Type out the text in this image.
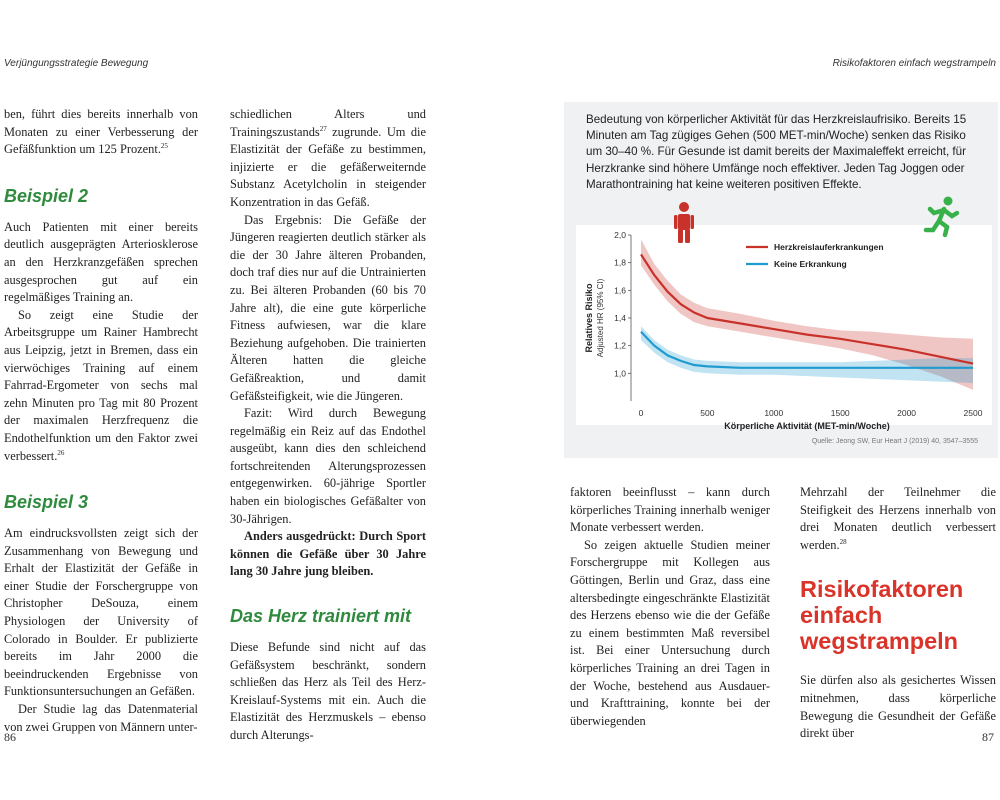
Verjüngungsstrategie Bewegung	Risikofaktoren einfach wegstrampeln

ben, führt dies bereits innerhalb von Monaten zu einer Verbesserung der Gefäßfunktion um 125 Prozent.$^{25}$

Beispiel 2

Auch Patienten mit einer bereits deutlich ausgeprägten Arteriosklerose an den Herzkranzgefäßen sprechen ausgesprochen gut auf ein regelmäßiges Training an.

So zeigt eine Studie der Arbeitsgruppe um Rainer Hambrecht aus Leipzig, jetzt in Bremen, dass ein vierwöchiges Training auf einem Fahrrad-Ergometer von sechs mal zehn Minuten pro Tag mit 80 Prozent der maximalen Herzfrequenz die Endothelfunktion um den Faktor zwei verbessert.$^{26}$

Beispiel 3

Am eindrucksvollsten zeigt sich der Zusammenhang von Bewegung und Erhalt der Elastizität der Gefäße in einer Studie der Forschergruppe von Christopher DeSouza, einem Physiologen der University of Colorado in Boulder. Er publizierte bereits im Jahr 2000 die beeindruckenden Ergebnisse von Funktionsuntersuchungen an Gefäßen.

Der Studie lag das Datenmaterial von zwei Gruppen von Männern unter-

schiedlichen Alters und Trainingszustands$^{27}$ zugrunde. Um die Elastizität der Gefäße zu bestimmen, injizierte er die gefäßerweiternde Substanz Acetylcholin in steigender Konzentration in das Gefäß.

Das Ergebnis: Die Gefäße der Jüngeren reagierten deutlich stärker als die der 30 Jahre älteren Probanden, doch traf dies nur auf die Untrainierten zu. Bei älteren Probanden (60 bis 70 Jahre alt), die eine gute körperliche Fitness aufwiesen, war die klare Beziehung aufgehoben. Die trainierten Älteren hatten die gleiche Gefäßreaktion, und damit Gefäßsteifigkeit, wie die Jüngeren.

Fazit: Wird durch Bewegung regelmäßig ein Reiz auf das Endothel ausgeübt, kann dies den schleichend fortschreitenden Alterungsprozessen entgegenwirken. 60-jährige Sportler haben ein biologisches Gefäßalter von 30-Jährigen.

Anders ausgedrückt: Durch Sport können die Gefäße über 30 Jahre lang 30 Jahre jung bleiben.

Das Herz trainiert mit

Diese Befunde sind nicht auf das Gefäßsystem beschränkt, sondern schließen das Herz als Teil des Herz-Kreislauf-Systems mit ein. Auch die Elastizität des Herzmuskels – ebenso durch Alterungs-

86	87
Bedeutung von körperlicher Aktivität für das Herzkreislaufrisiko. Bereits 15 Minuten am Tag zügiges Gehen (500 MET-min/Woche) senken das Risiko um 30–40 %. Für Gesunde ist damit bereits der Maximaleffekt erreicht, für Herzkranke sind höhere Umfänge noch effektiver. Jeden Tag Joggen oder Marathontraining hat keine weiteren positiven Effekte.
1,0
1,2
1,4
1,6
1,8
2,0
0	500	1000	1500	2000	2500
Körperliche Aktivität (MET-min/Woche)
Relatives Risiko Adjusted HR (95% CI)
Herzkreislauferkrankungen
Keine Erkrankung
Quelle: Jeong SW, Eur Heart J (2019) 40, 3547–3555

faktoren beeinflusst – kann durch körperliches Training innerhalb weniger Monate verbessert werden.

So zeigen aktuelle Studien meiner Forschergruppe mit Kollegen aus Göttingen, Berlin und Graz, dass eine altersbedingte eingeschränkte Elastizität des Herzens ebenso wie die der Gefäße zu einem bestimmten Maß reversibel ist. Bei einer Untersuchung durch körperliches Training an drei Tagen in der Woche, bestehend aus Ausdauer- und Krafttraining, konnte bei der überwiegenden

Mehrzahl der Teilnehmer die Steifigkeit des Herzens innerhalb von drei Monaten deutlich verbessert werden.$^{28}$

Risikofaktoren einfach wegstrampeln

Sie dürfen also als gesichertes Wissen mitnehmen, dass körperliche Bewegung die Gesundheit der Gefäße direkt über
